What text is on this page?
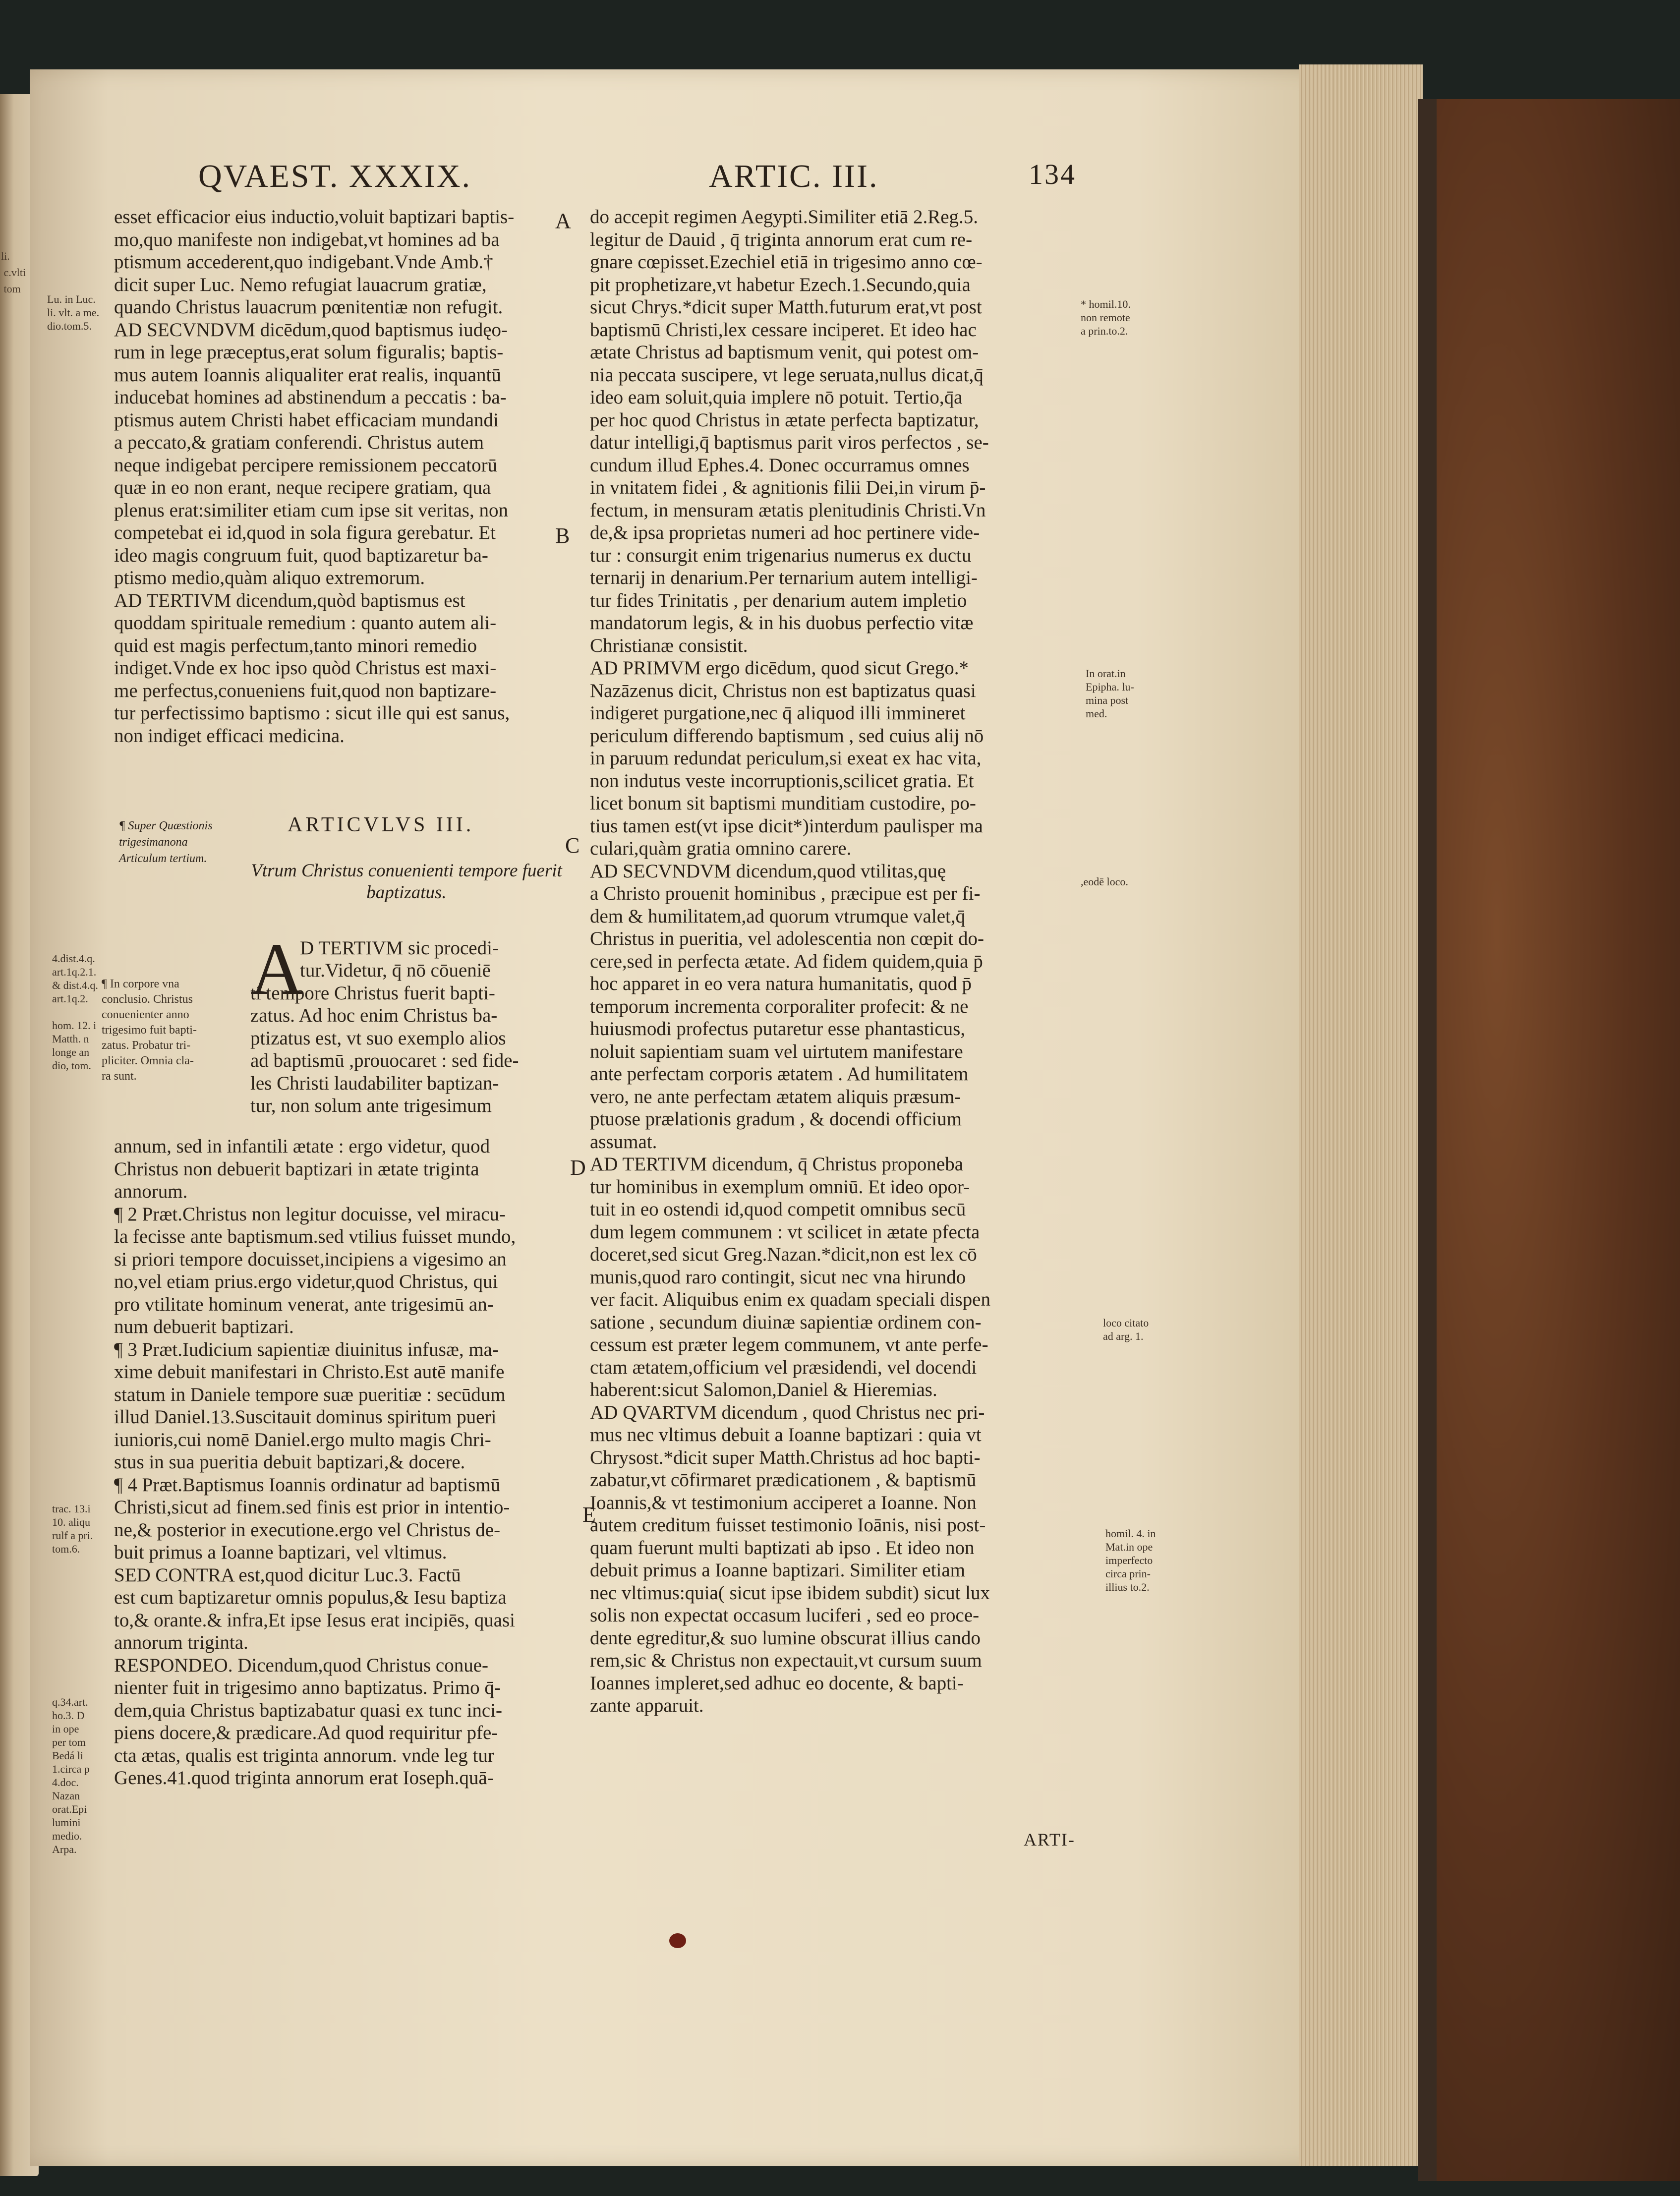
li.
c.vlti
tom

QVAEST. XXXIX.	ARTIC. III.	134
Lu. in Luc.
li. vlt. a me.
dio.tom.5.
4.dist.4.q.
art.1q.2.1.
& dist.4.q.
art.1q.2.

hom. 12. i
Matth. n
longe an
dio, tom.
¶ In corpore vna
conclusio. Christus
conuenienter anno
trigesimo fuit bapti-
zatus. Probatur tri-
pliciter. Omnia cla-
ra sunt.
trac. 13.i
10. aliqu
rulf a pri.
tom.6.
q.34.art.
ho.3. D
in ope
per tom
Bedá li
1.circa p
4.doc.
Nazan
orat.Epi
lumini
medio.
Arpa.
¶ Super Quæstionis trigesimanona Articulum tertium.

esset efficacior eius inductio,voluit baptizari baptis-

mo,quo manifeste non indigebat,vt homines ad ba

ptismum accederent,quo indigebant.Vnde Amb.†

dicit super Luc. Nemo refugiat lauacrum gratiæ,

quando Christus lauacrum pœnitentiæ non refugit.

AD SECVNDVM dicēdum,quod baptismus iudęo-

rum in lege præceptus,erat solum figuralis; baptis-

mus autem Ioannis aliqualiter erat realis, inquantū

inducebat homines ad abstinendum a peccatis : ba-

ptismus autem Christi habet efficaciam mundandi

a peccato,& gratiam conferendi. Christus autem

neque indigebat percipere remissionem peccatorū

quæ in eo non erant, neque recipere gratiam, qua

plenus erat:similiter etiam cum ipse sit veritas, non

competebat ei id,quod in sola figura gerebatur. Et

ideo magis congruum fuit, quod baptizaretur ba-

ptismo medio,quàm aliquo extremorum.

AD TERTIVM dicendum,quòd baptismus est

quoddam spirituale remedium : quanto autem ali-

quid est magis perfectum,tanto minori remedio

indiget.Vnde ex hoc ipso quòd Christus est maxi-

me perfectus,conueniens fuit,quod non baptizare-

tur perfectissimo baptismo : sicut ille qui est sanus,

non indiget efficaci medicina.

ARTICVLVS III.
Vtrum Christus conuenienti tempore fuerit baptizatus.
A

D TERTIVM sic procedi-

tur.Videtur, q̄ nō cōueniē

ti tempore Christus fuerit bapti-

zatus. Ad hoc enim Christus ba-

ptizatus est, vt suo exemplo alios

ad baptismū ,prouocaret : sed fide-

les Christi laudabiliter baptizan-

tur, non solum ante trigesimum

annum, sed in infantili ætate : ergo videtur, quod

Christus non debuerit baptizari in ætate triginta

annorum.

¶ 2 Præt.Christus non legitur docuisse, vel miracu-

la fecisse ante baptismum.sed vtilius fuisset mundo,

si priori tempore docuisset,incipiens a vigesimo an

no,vel etiam prius.ergo videtur,quod Christus, qui

pro vtilitate hominum venerat, ante trigesimū an-

num debuerit baptizari.

¶ 3 Præt.Iudicium sapientiæ diuinitus infusæ, ma-

xime debuit manifestari in Christo.Est autē manife

statum in Daniele tempore suæ pueritiæ : secūdum

illud Daniel.13.Suscitauit dominus spiritum pueri

iunioris,cui nomē Daniel.ergo multo magis Chri-

stus in sua pueritia debuit baptizari,& docere.

¶ 4 Præt.Baptismus Ioannis ordinatur ad baptismū

Christi,sicut ad finem.sed finis est prior in intentio-

ne,& posterior in executione.ergo vel Christus de-

buit primus a Ioanne baptizari, vel vltimus.

SED CONTRA est,quod dicitur Luc.3. Factū

est cum baptizaretur omnis populus,& Iesu baptiza

to,& orante.& infra,Et ipse Iesus erat incipiēs, quasi

annorum triginta.

RESPONDEO. Dicendum,quod Christus conue-

nienter fuit in trigesimo anno baptizatus. Primo q̄-

dem,quia Christus baptizabatur quasi ex tunc inci-

piens docere,& prædicare.Ad quod requiritur pfe-

cta ætas, qualis est triginta annorum. vnde leg tur

Genes.41.quod triginta annorum erat Ioseph.quā-

A
B
C
D
E

do accepit regimen Aegypti.Similiter etiā 2.Reg.5.

legitur de Dauid , q̄ triginta annorum erat cum re-

gnare cœpisset.Ezechiel etiā in trigesimo anno cœ-

pit prophetizare,vt habetur Ezech.1.Secundo,quia

sicut Chrys.*dicit super Matth.futurum erat,vt post

baptismū Christi,lex cessare inciperet. Et ideo hac

ætate Christus ad baptismum venit, qui potest om-

nia peccata suscipere, vt lege seruata,nullus dicat,q̄

ideo eam soluit,quia implere nō potuit. Tertio,q̄a

per hoc quod Christus in ætate perfecta baptizatur,

datur intelligi,q̄ baptismus parit viros perfectos , se-

cundum illud Ephes.4. Donec occurramus omnes

in vnitatem fidei , & agnitionis filii Dei,in virum p̄-

fectum, in mensuram ætatis plenitudinis Christi.Vn

de,& ipsa proprietas numeri ad hoc pertinere vide-

tur : consurgit enim trigenarius numerus ex ductu

ternarij in denarium.Per ternarium autem intelligi-

tur fides Trinitatis , per denarium autem impletio

mandatorum legis, & in his duobus perfectio vitæ

Christianæ consistit.

AD PRIMVM ergo dicēdum, quod sicut Grego.*

Nazāzenus dicit, Christus non est baptizatus quasi

indigeret purgatione,nec q̄ aliquod illi immineret

periculum differendo baptismum , sed cuius alij nō

in paruum redundat periculum,si exeat ex hac vita,

non indutus veste incorruptionis,scilicet gratia. Et

licet bonum sit baptismi munditiam custodire, po-

tius tamen est(vt ipse dicit*)interdum paulisper ma

culari,quàm gratia omnino carere.

AD SECVNDVM dicendum,quod vtilitas,quę

a Christo prouenit hominibus , præcipue est per fi-

dem & humilitatem,ad quorum vtrumque valet,q̄

Christus in pueritia, vel adolescentia non cœpit do-

cere,sed in perfecta ætate. Ad fidem quidem,quia p̄

hoc apparet in eo vera natura humanitatis, quod p̄

temporum incrementa corporaliter profecit: & ne

huiusmodi profectus putaretur esse phantasticus,

noluit sapientiam suam vel uirtutem manifestare

ante perfectam corporis ætatem . Ad humilitatem

vero, ne ante perfectam ætatem aliquis præsum-

ptuose prælationis gradum , & docendi officium

assumat.

AD TERTIVM dicendum, q̄ Christus proponeba

tur hominibus in exemplum omniū. Et ideo opor-

tuit in eo ostendi id,quod competit omnibus secū

dum legem communem : vt scilicet in ætate pfecta

doceret,sed sicut Greg.Nazan.*dicit,non est lex cō

munis,quod raro contingit, sicut nec vna hirundo

ver facit. Aliquibus enim ex quadam speciali dispen

satione , secundum diuinæ sapientiæ ordinem con-

cessum est præter legem communem, vt ante perfe-

ctam ætatem,officium vel præsidendi, vel docendi

haberent:sicut Salomon,Daniel & Hieremias.

AD QVARTVM dicendum , quod Christus nec pri-

mus nec vltimus debuit a Ioanne baptizari : quia vt

Chrysost.*dicit super Matth.Christus ad hoc bapti-

zabatur,vt cōfirmaret prædicationem , & baptismū

Ioannis,& vt testimonium acciperet a Ioanne. Non

autem creditum fuisset testimonio Ioānis, nisi post-

quam fuerunt multi baptizati ab ipso . Et ideo non

debuit primus a Ioanne baptizari. Similiter etiam

nec vltimus:quia( sicut ipse ibidem subdit) sicut lux

solis non expectat occasum luciferi , sed eo proce-

dente egreditur,& suo lumine obscurat illius cando

rem,sic & Christus non expectauit,vt cursum suum

Ioannes impleret,sed adhuc eo docente, & bapti-

zante apparuit.

* homil.10.
non remote
a prin.to.2.
In orat.in
Epipha. lu-
mina post
med.
,eodē loco.
loco citato
ad arg. 1.
homil. 4. in
Mat.in ope
imperfecto
circa prin-
illius to.2.
ARTI-
